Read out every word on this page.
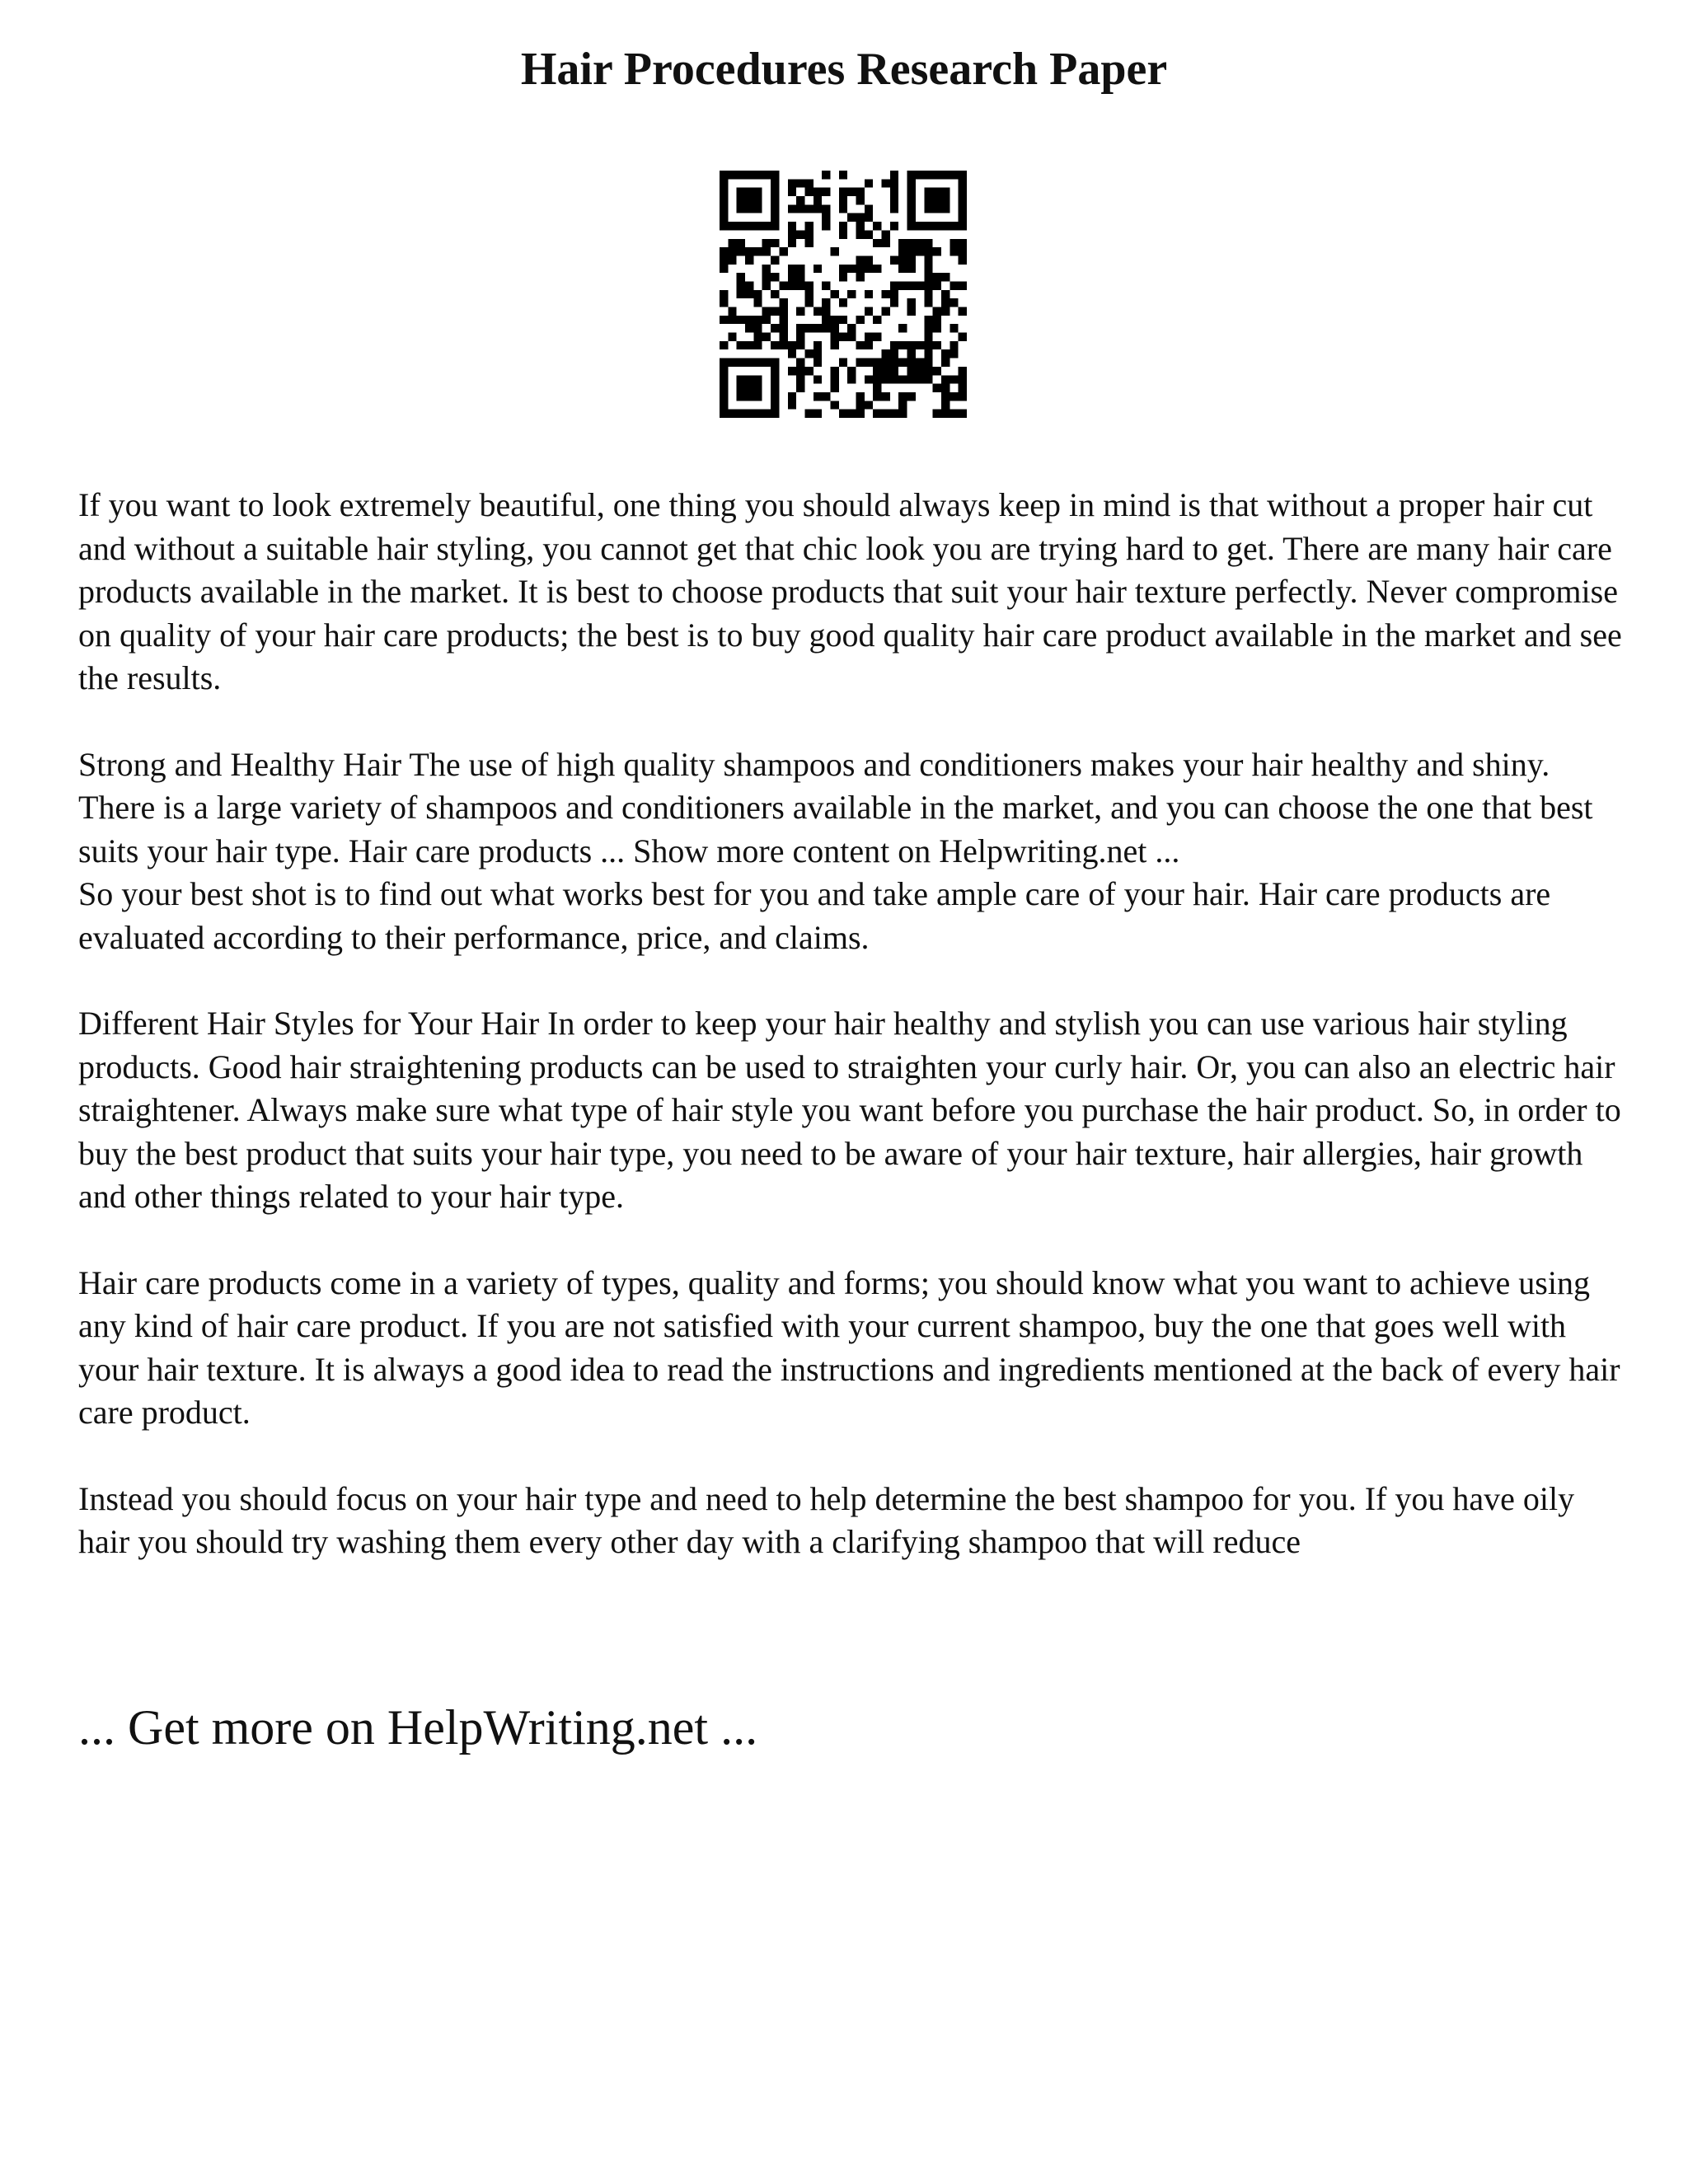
Hair Procedures Research Paper

If you want to look extremely beautiful, one thing you should always keep in mind is that without a proper hair cut and without a suitable hair styling, you cannot get that chic look you are trying hard to get. There are many hair care products available in the market. It is best to choose products that suit your hair texture perfectly. Never compromise on quality of your hair care products; the best is to buy good quality hair care product available in the market and see the results.

Strong and Healthy Hair The use of high quality shampoos and conditioners makes your hair healthy and shiny. There is a large variety of shampoos and conditioners available in the market, and you can choose the one that best suits your hair type. Hair care products ... Show more content on Helpwriting.net ...

So your best shot is to find out what works best for you and take ample care of your hair. Hair care products are evaluated according to their performance, price, and claims.

Different Hair Styles for Your Hair In order to keep your hair healthy and stylish you can use various hair styling products. Good hair straightening products can be used to straighten your curly hair. Or, you can also an electric hair straightener. Always make sure what type of hair style you want before you purchase the hair product. So, in order to buy the best product that suits your hair type, you need to be aware of your hair texture, hair allergies, hair growth and other things related to your hair type.

Hair care products come in a variety of types, quality and forms; you should know what you want to achieve using any kind of hair care product. If you are not satisfied with your current shampoo, buy the one that goes well with your hair texture. It is always a good idea to read the instructions and ingredients mentioned at the back of every hair care product.

Instead you should focus on your hair type and need to help determine the best shampoo for you. If you have oily hair you should try washing them every other day with a clarifying shampoo that will reduce

... Get more on HelpWriting.net ...
